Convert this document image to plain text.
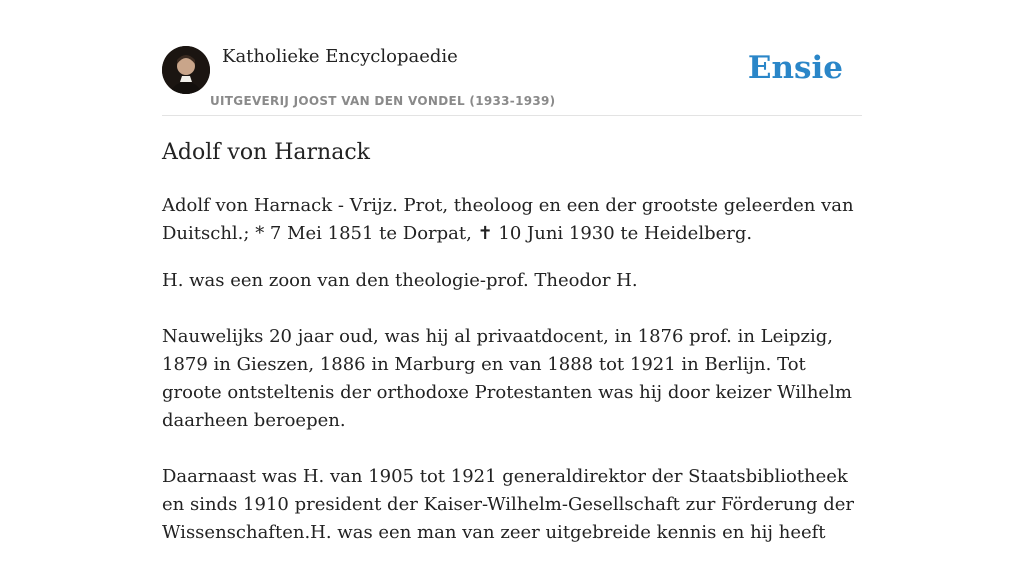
Katholieke Encyclopaedie
UITGEVERIJ JOOST VAN DEN VONDEL (1933-1939)
Ensie
Adolf von Harnack

Adolf von Harnack - Vrijz. Prot, theoloog en een der grootste geleerden van Duitschl.; * 7 Mei 1851 te Dorpat, ✝ 10 Juni 1930 te Heidelberg.

H. was een zoon van den theologie-prof. Theodor H.

Nauwelijks 20 jaar oud, was hij al privaatdocent, in 1876 prof. in Leipzig, 1879 in Gieszen, 1886 in Marburg en van 1888 tot 1921 in Berlijn. Tot groote ontsteltenis der orthodoxe Protestanten was hij door keizer Wilhelm daarheen beroepen.

Daarnaast was H. van 1905 tot 1921 generaldirektor der Staatsbibliotheek en sinds 1910 president der Kaiser-Wilhelm-Gesellschaft zur Förderung der Wissenschaften.H. was een man van zeer uitgebreide kennis en hij heeft
